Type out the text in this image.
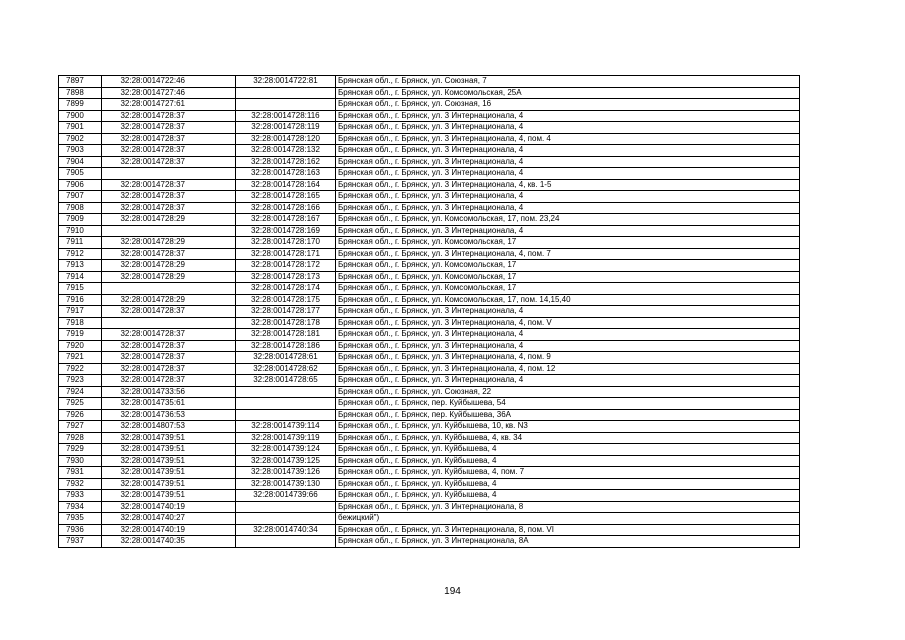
7897	32:28:0014722:46	32:28:0014722:81	Брянская обл., г. Брянск, ул. Союзная, 7
7898	32:28:0014727:46		Брянская обл., г. Брянск, ул. Комсомольская, 25А
7899	32:28:0014727:61		Брянская обл., г. Брянск, ул. Союзная, 16
7900	32:28:0014728:37	32:28:0014728:116	Брянская обл., г. Брянск, ул. 3 Интернационала, 4
7901	32:28:0014728:37	32:28:0014728:119	Брянская обл., г. Брянск, ул. 3 Интернационала, 4
7902	32:28:0014728:37	32:28:0014728:120	Брянская обл., г. Брянск, ул. 3 Интернационала, 4, пом. 4
7903	32:28:0014728:37	32:28:0014728:132	Брянская обл., г. Брянск, ул. 3 Интернационала, 4
7904	32:28:0014728:37	32:28:0014728:162	Брянская обл., г. Брянск, ул. 3 Интернационала, 4
7905		32:28:0014728:163	Брянская обл., г. Брянск, ул. 3 Интернационала, 4
7906	32:28:0014728:37	32:28:0014728:164	Брянская обл., г. Брянск, ул. 3 Интернационала, 4, кв. 1-5
7907	32:28:0014728:37	32:28:0014728:165	Брянская обл., г. Брянск, ул. 3 Интернационала, 4
7908	32:28:0014728:37	32:28:0014728:166	Брянская обл., г. Брянск, ул. 3 Интернационала, 4
7909	32:28:0014728:29	32:28:0014728:167	Брянская обл., г. Брянск, ул. Комсомольская, 17, пом. 23,24
7910		32:28:0014728:169	Брянская обл., г. Брянск, ул. 3 Интернационала, 4
7911	32:28:0014728:29	32:28:0014728:170	Брянская обл., г. Брянск, ул. Комсомольская, 17
7912	32:28:0014728:37	32:28:0014728:171	Брянская обл., г. Брянск, ул. 3 Интернационала, 4, пом. 7
7913	32:28:0014728:29	32:28:0014728:172	Брянская обл., г. Брянск, ул. Комсомольская, 17
7914	32:28:0014728:29	32:28:0014728:173	Брянская обл., г. Брянск, ул. Комсомольская, 17
7915		32:28:0014728:174	Брянская обл., г. Брянск, ул. Комсомольская, 17
7916	32:28:0014728:29	32:28:0014728:175	Брянская обл., г. Брянск, ул. Комсомольская, 17, пом. 14,15,40
7917	32:28:0014728:37	32:28:0014728:177	Брянская обл., г. Брянск, ул. 3 Интернационала, 4
7918		32:28:0014728:178	Брянская обл., г. Брянск, ул. 3 Интернационала, 4, пом. V
7919	32:28:0014728:37	32:28:0014728:181	Брянская обл., г. Брянск, ул. 3 Интернационала, 4
7920	32:28:0014728:37	32:28:0014728:186	Брянская обл., г. Брянск, ул. 3 Интернационала, 4
7921	32:28:0014728:37	32:28:0014728:61	Брянская обл., г. Брянск, ул. 3 Интернационала, 4, пом. 9
7922	32:28:0014728:37	32:28:0014728:62	Брянская обл., г. Брянск, ул. 3 Интернационала, 4, пом. 12
7923	32:28:0014728:37	32:28:0014728:65	Брянская обл., г. Брянск, ул. 3 Интернационала, 4
7924	32:28:0014733:56		Брянская обл., г. Брянск, ул. Союзная, 22
7925	32:28:0014735:61		Брянская обл., г. Брянск, пер. Куйбышева, 54
7926	32:28:0014736:53		Брянская обл., г. Брянск, пер. Куйбышева, 36А
7927	32:28:0014807:53	32:28:0014739:114	Брянская обл., г. Брянск, ул. Куйбышева, 10, кв. N3
7928	32:28:0014739:51	32:28:0014739:119	Брянская обл., г. Брянск, ул. Куйбышева, 4, кв. 34
7929	32:28:0014739:51	32:28:0014739:124	Брянская обл., г. Брянск, ул. Куйбышева, 4
7930	32:28:0014739:51	32:28:0014739:125	Брянская обл., г. Брянск, ул. Куйбышева, 4
7931	32:28:0014739:51	32:28:0014739:126	Брянская обл., г. Брянск, ул. Куйбышева, 4, пом. 7
7932	32:28:0014739:51	32:28:0014739:130	Брянская обл., г. Брянск, ул. Куйбышева, 4
7933	32:28:0014739:51	32:28:0014739:66	Брянская обл., г. Брянск, ул. Куйбышева, 4
7934	32:28:0014740:19		Брянская обл., г. Брянск, ул. 3 Интернационала, 8
7935	32:28:0014740:27		бежицкий")
7936	32:28:0014740:19	32:28:0014740:34	Брянская обл., г. Брянск, ул. 3 Интернационала, 8, пом. VI
7937	32:28:0014740:35		Брянская обл., г. Брянск, ул. 3 Интернационала, 8А
194
